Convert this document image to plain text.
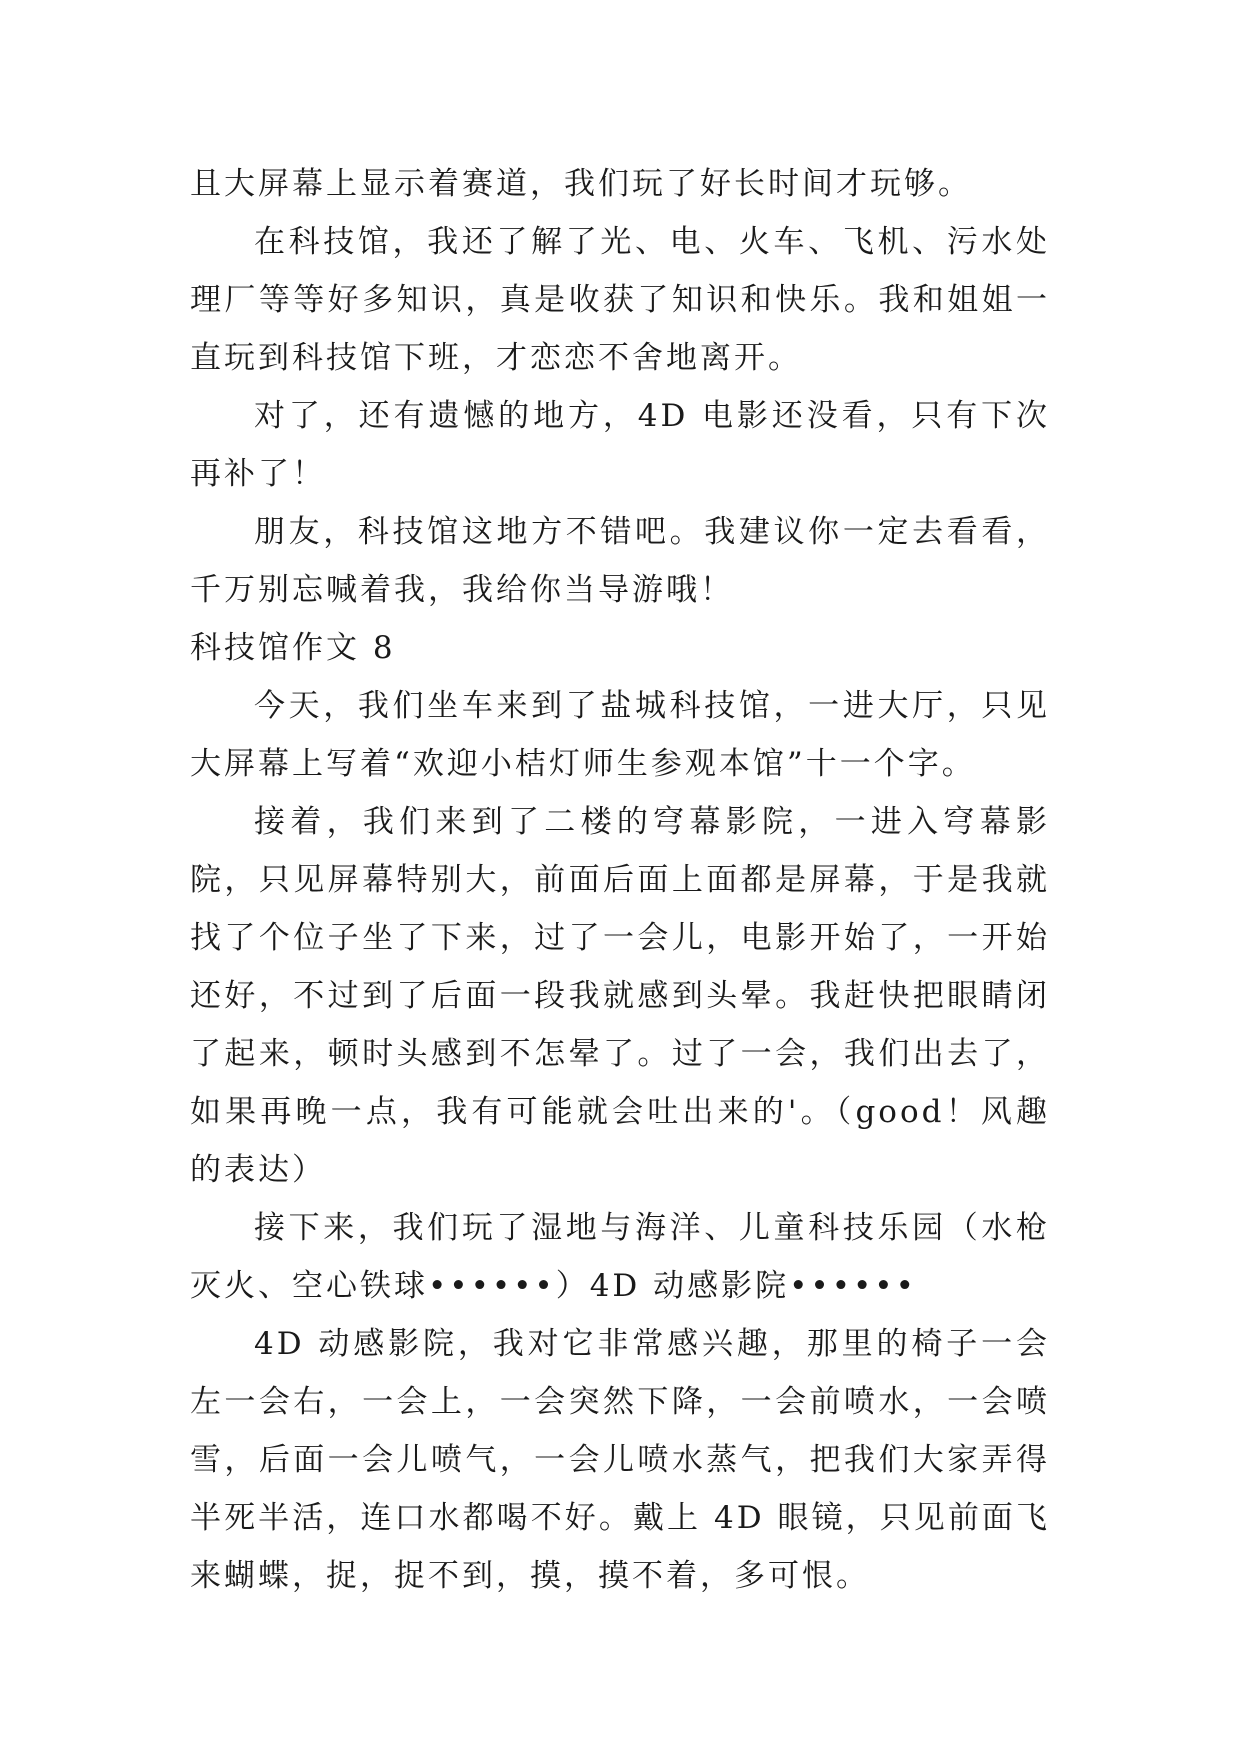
且大屏幕上显示着赛道，我们玩了好长时间才玩够。

在科技馆，我还了解了光、电、火车、飞机、污水处理厂等等好多知识，真是收获了知识和快乐。我和姐姐一直玩到科技馆下班，才恋恋不舍地离开。

对了，还有遗憾的地方，4D 电影还没看，只有下次再补了！

朋友，科技馆这地方不错吧。我建议你一定去看看，千万别忘喊着我，我给你当导游哦！

科技馆作文 8

今天，我们坐车来到了盐城科技馆，一进大厅，只见大屏幕上写着“欢迎小桔灯师生参观本馆”十一个字。

接着，我们来到了二楼的穹幕影院，一进入穹幕影院，只见屏幕特别大，前面后面上面都是屏幕，于是我就找了个位子坐了下来，过了一会儿，电影开始了，一开始还好，不过到了后面一段我就感到头晕。我赶快把眼睛闭了起来，顿时头感到不怎晕了。过了一会，我们出去了，如果再晚一点，我有可能就会吐出来的'。（good！风趣的表达）

接下来，我们玩了湿地与海洋、儿童科技乐园（水枪灭火、空心铁球••••••）4D 动感影院••••••

4D 动感影院，我对它非常感兴趣，那里的椅子一会左一会右，一会上，一会突然下降，一会前喷水，一会喷雪，后面一会儿喷气，一会儿喷水蒸气，把我们大家弄得半死半活，连口水都喝不好。戴上 4D 眼镜，只见前面飞来蝴蝶，捉，捉不到，摸，摸不着，多可恨。
